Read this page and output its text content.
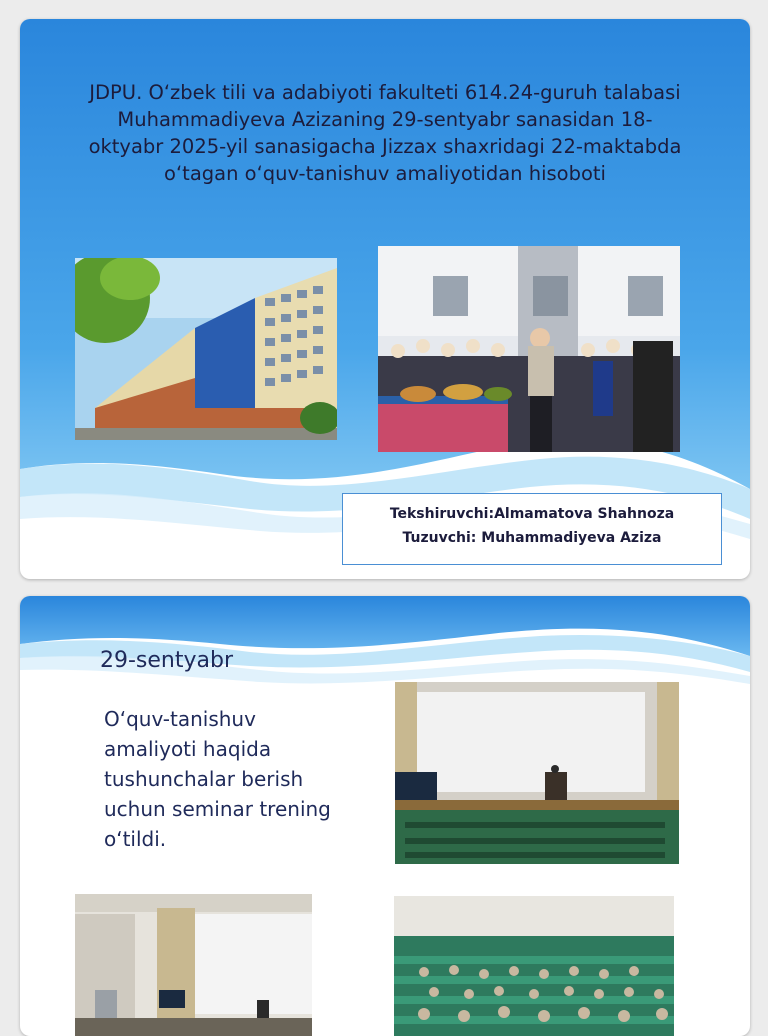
JDPU. O‘zbek tili va adabiyoti fakulteti 614.24-guruh talabasi Muhammadiyeva Azizaning 29-sentyabr sanasidan 18-oktyabr 2025-yil sanasigacha Jizzax shaxridagi 22-maktabda o‘tagan o‘quv-tanishuv amaliyotidan hisoboti
Tekshiruvchi:Almamatova Shahnoza
Tuzuvchi: Muhammadiyeva Aziza
29-sentyabr
O‘quv-tanishuv amaliyoti haqida tushunchalar berish uchun seminar trening o‘tildi.
